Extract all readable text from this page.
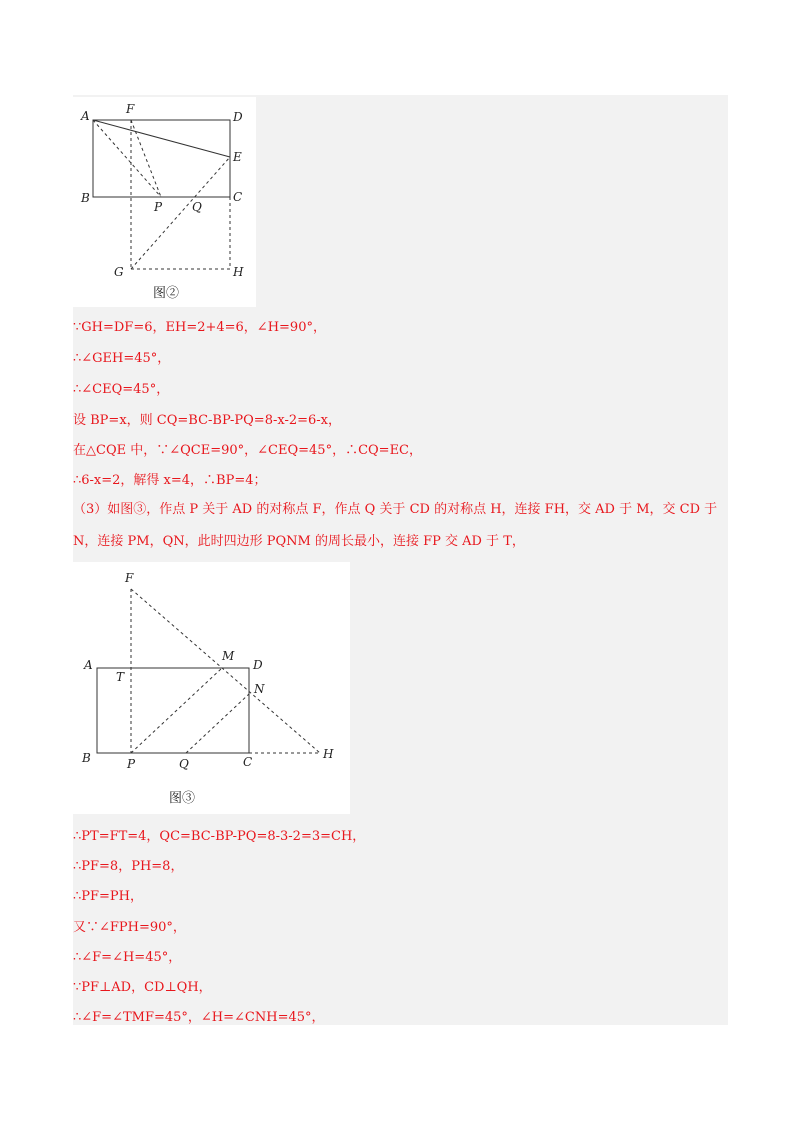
A	F
D
E
B
P Q
C
G	H
图②
∵GH=DF=6，EH=2+4=6，∠H=90°，
∴∠GEH=45°，
∴∠CEQ=45°，
设 BP=x，则 CQ=BC-BP-PQ=8-x-2=6-x，
在△CQE 中，∵∠QCE=90°，∠CEQ=45°，∴CQ=EC，
∴6-x=2，解得 x=4，∴BP=4；
（3）如图③，作点 P 关于 AD 的对称点 F，作点 Q 关于 CD 的对称点 H，连接 FH，交 AD 于 M，交 CD 于
N，连接 PM，QN，此时四边形 PQNM 的周长最小，连接 FP 交 AD 于 T，
F
A
T
M
D
N
B	P	Q	C
H
图③
∴PT=FT=4，QC=BC-BP-PQ=8-3-2=3=CH，
∴PF=8，PH=8，
∴PF=PH，
又∵∠FPH=90°，
∴∠F=∠H=45°，
∵PF⊥AD，CD⊥QH，
∴∠F=∠TMF=45°，∠H=∠CNH=45°，
